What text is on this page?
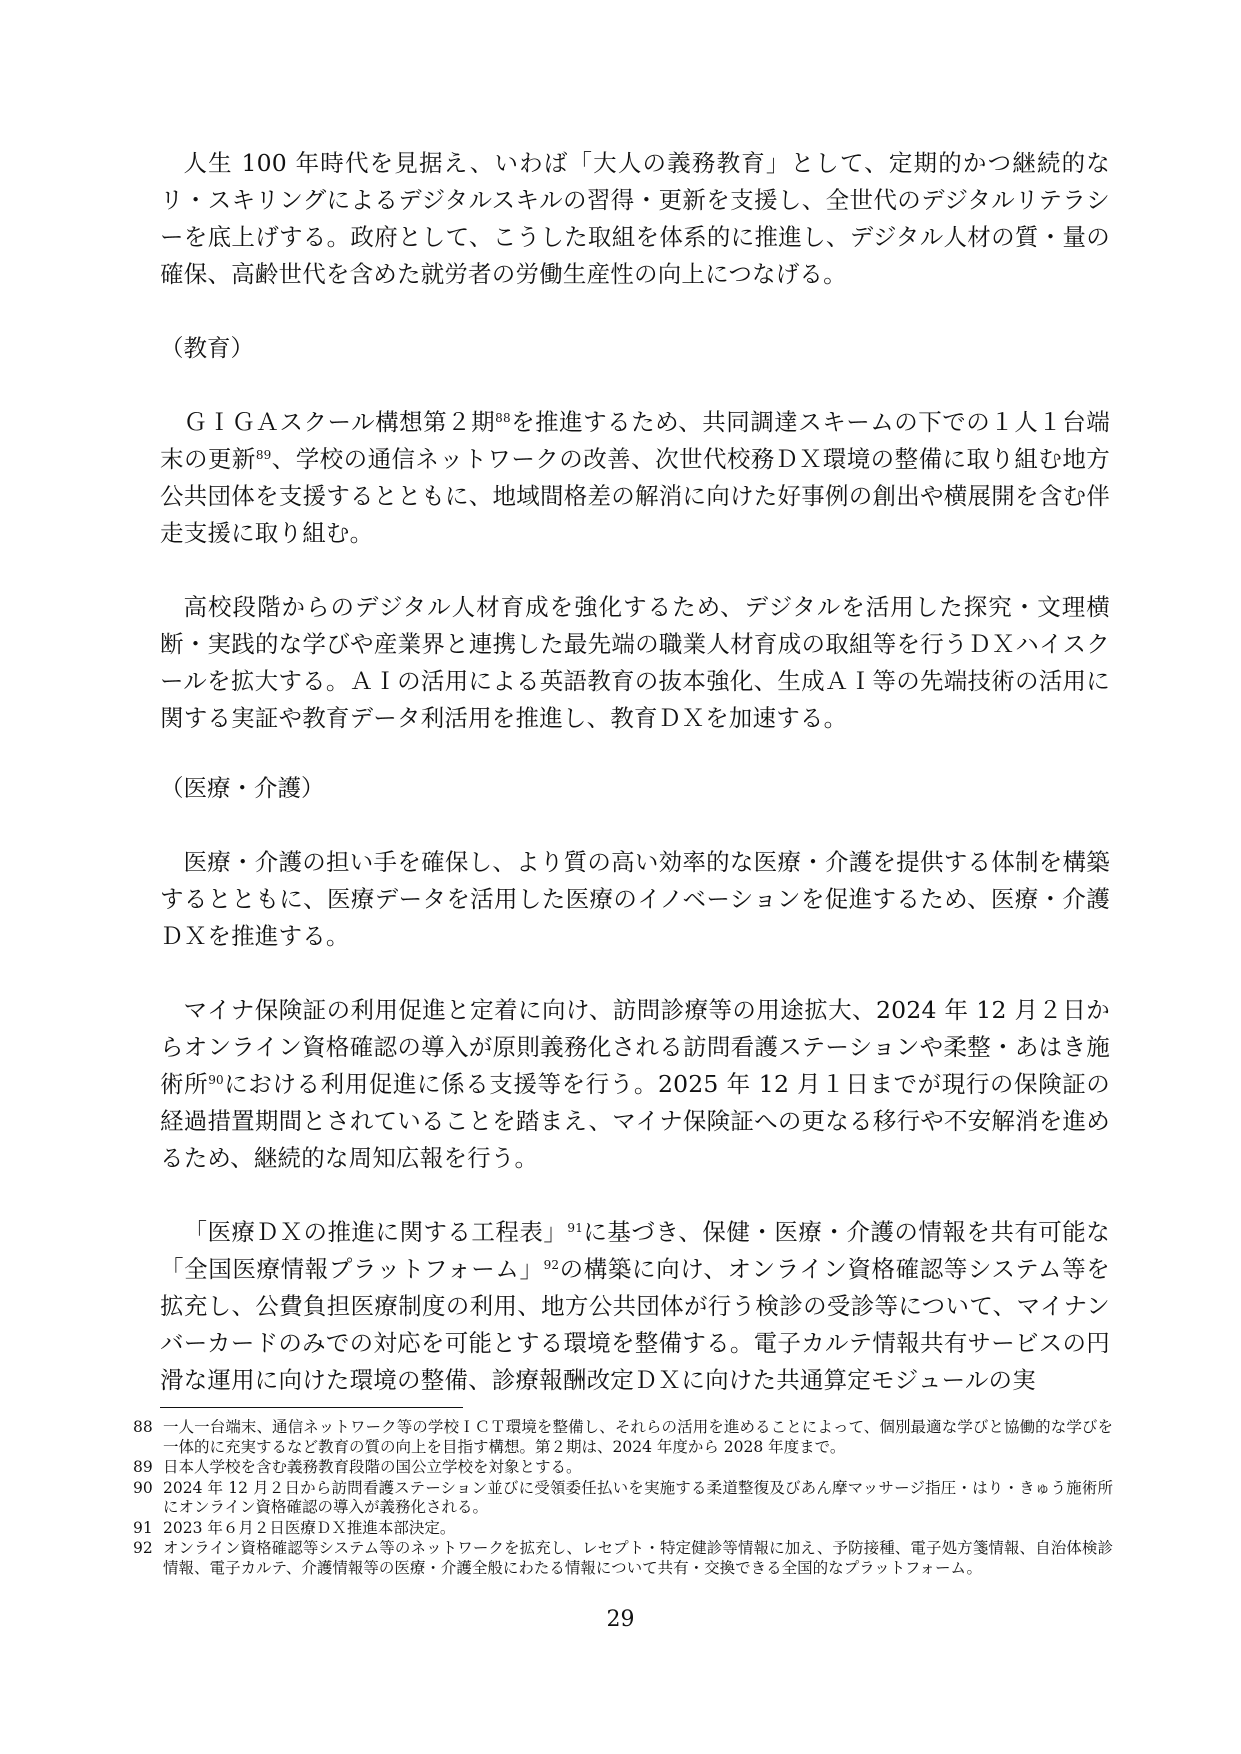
人生 100 年時代を見据え、いわば「大人の義務教育」として、定期的かつ継続的なリ・スキリングによるデジタルスキルの習得・更新を支援し、全世代のデジタルリテラシーを底上げする。政府として、こうした取組を体系的に推進し、デジタル人材の質・量の確保、高齢世代を含めた就労者の労働生産性の向上につなげる。

（教育）

ＧＩＧＡスクール構想第２期$^{88}$を推進するため、共同調達スキームの下での１人１台端末の更新$^{89}$、学校の通信ネットワークの改善、次世代校務ＤＸ環境の整備に取り組む地方公共団体を支援するとともに、地域間格差の解消に向けた好事例の創出や横展開を含む伴走支援に取り組む。

高校段階からのデジタル人材育成を強化するため、デジタルを活用した探究・文理横断・実践的な学びや産業界と連携した最先端の職業人材育成の取組等を行うＤＸハイスクールを拡大する。ＡＩの活用による英語教育の抜本強化、生成ＡＩ等の先端技術の活用に関する実証や教育データ利活用を推進し、教育ＤＸを加速する。

（医療・介護）

医療・介護の担い手を確保し、より質の高い効率的な医療・介護を提供する体制を構築するとともに、医療データを活用した医療のイノベーションを促進するため、医療・介護ＤＸを推進する。

マイナ保険証の利用促進と定着に向け、訪問診療等の用途拡大、2024 年 12 月２日からオンライン資格確認の導入が原則義務化される訪問看護ステーションや柔整・あはき施術所$^{90}$における利用促進に係る支援等を行う。2025 年 12 月１日までが現行の保険証の経過措置期間とされていることを踏まえ、マイナ保険証への更なる移行や不安解消を進めるため、継続的な周知広報を行う。

「医療ＤＸの推進に関する工程表」$^{91}$に基づき、保健・医療・介護の情報を共有可能な「全国医療情報プラットフォーム」$^{92}$の構築に向け、オンライン資格確認等システム等を拡充し、公費負担医療制度の利用、地方公共団体が行う検診の受診等について、マイナンバーカードのみでの対応を可能とする環境を整備する。電子カルテ情報共有サービスの円滑な運用に向けた環境の整備、診療報酬改定ＤＸに向けた共通算定モジュールの実

88 一人一台端末、通信ネットワーク等の学校ＩＣＴ環境を整備し、それらの活用を進めることによって、個別最適な学びと協働的な学びを一体的に充実するなど教育の質の向上を目指す構想。第２期は、2024 年度から 2028 年度まで。
89 日本人学校を含む義務教育段階の国公立学校を対象とする。
90 2024 年 12 月２日から訪問看護ステーション並びに受領委任払いを実施する柔道整復及びあん摩マッサージ指圧・はり・きゅう施術所にオンライン資格確認の導入が義務化される。
91 2023 年６月２日医療ＤＸ推進本部決定。
92 オンライン資格確認等システム等のネットワークを拡充し、レセプト・特定健診等情報に加え、予防接種、電子処方箋情報、自治体検診情報、電子カルテ、介護情報等の医療・介護全般にわたる情報について共有・交換できる全国的なプラットフォーム。
29
